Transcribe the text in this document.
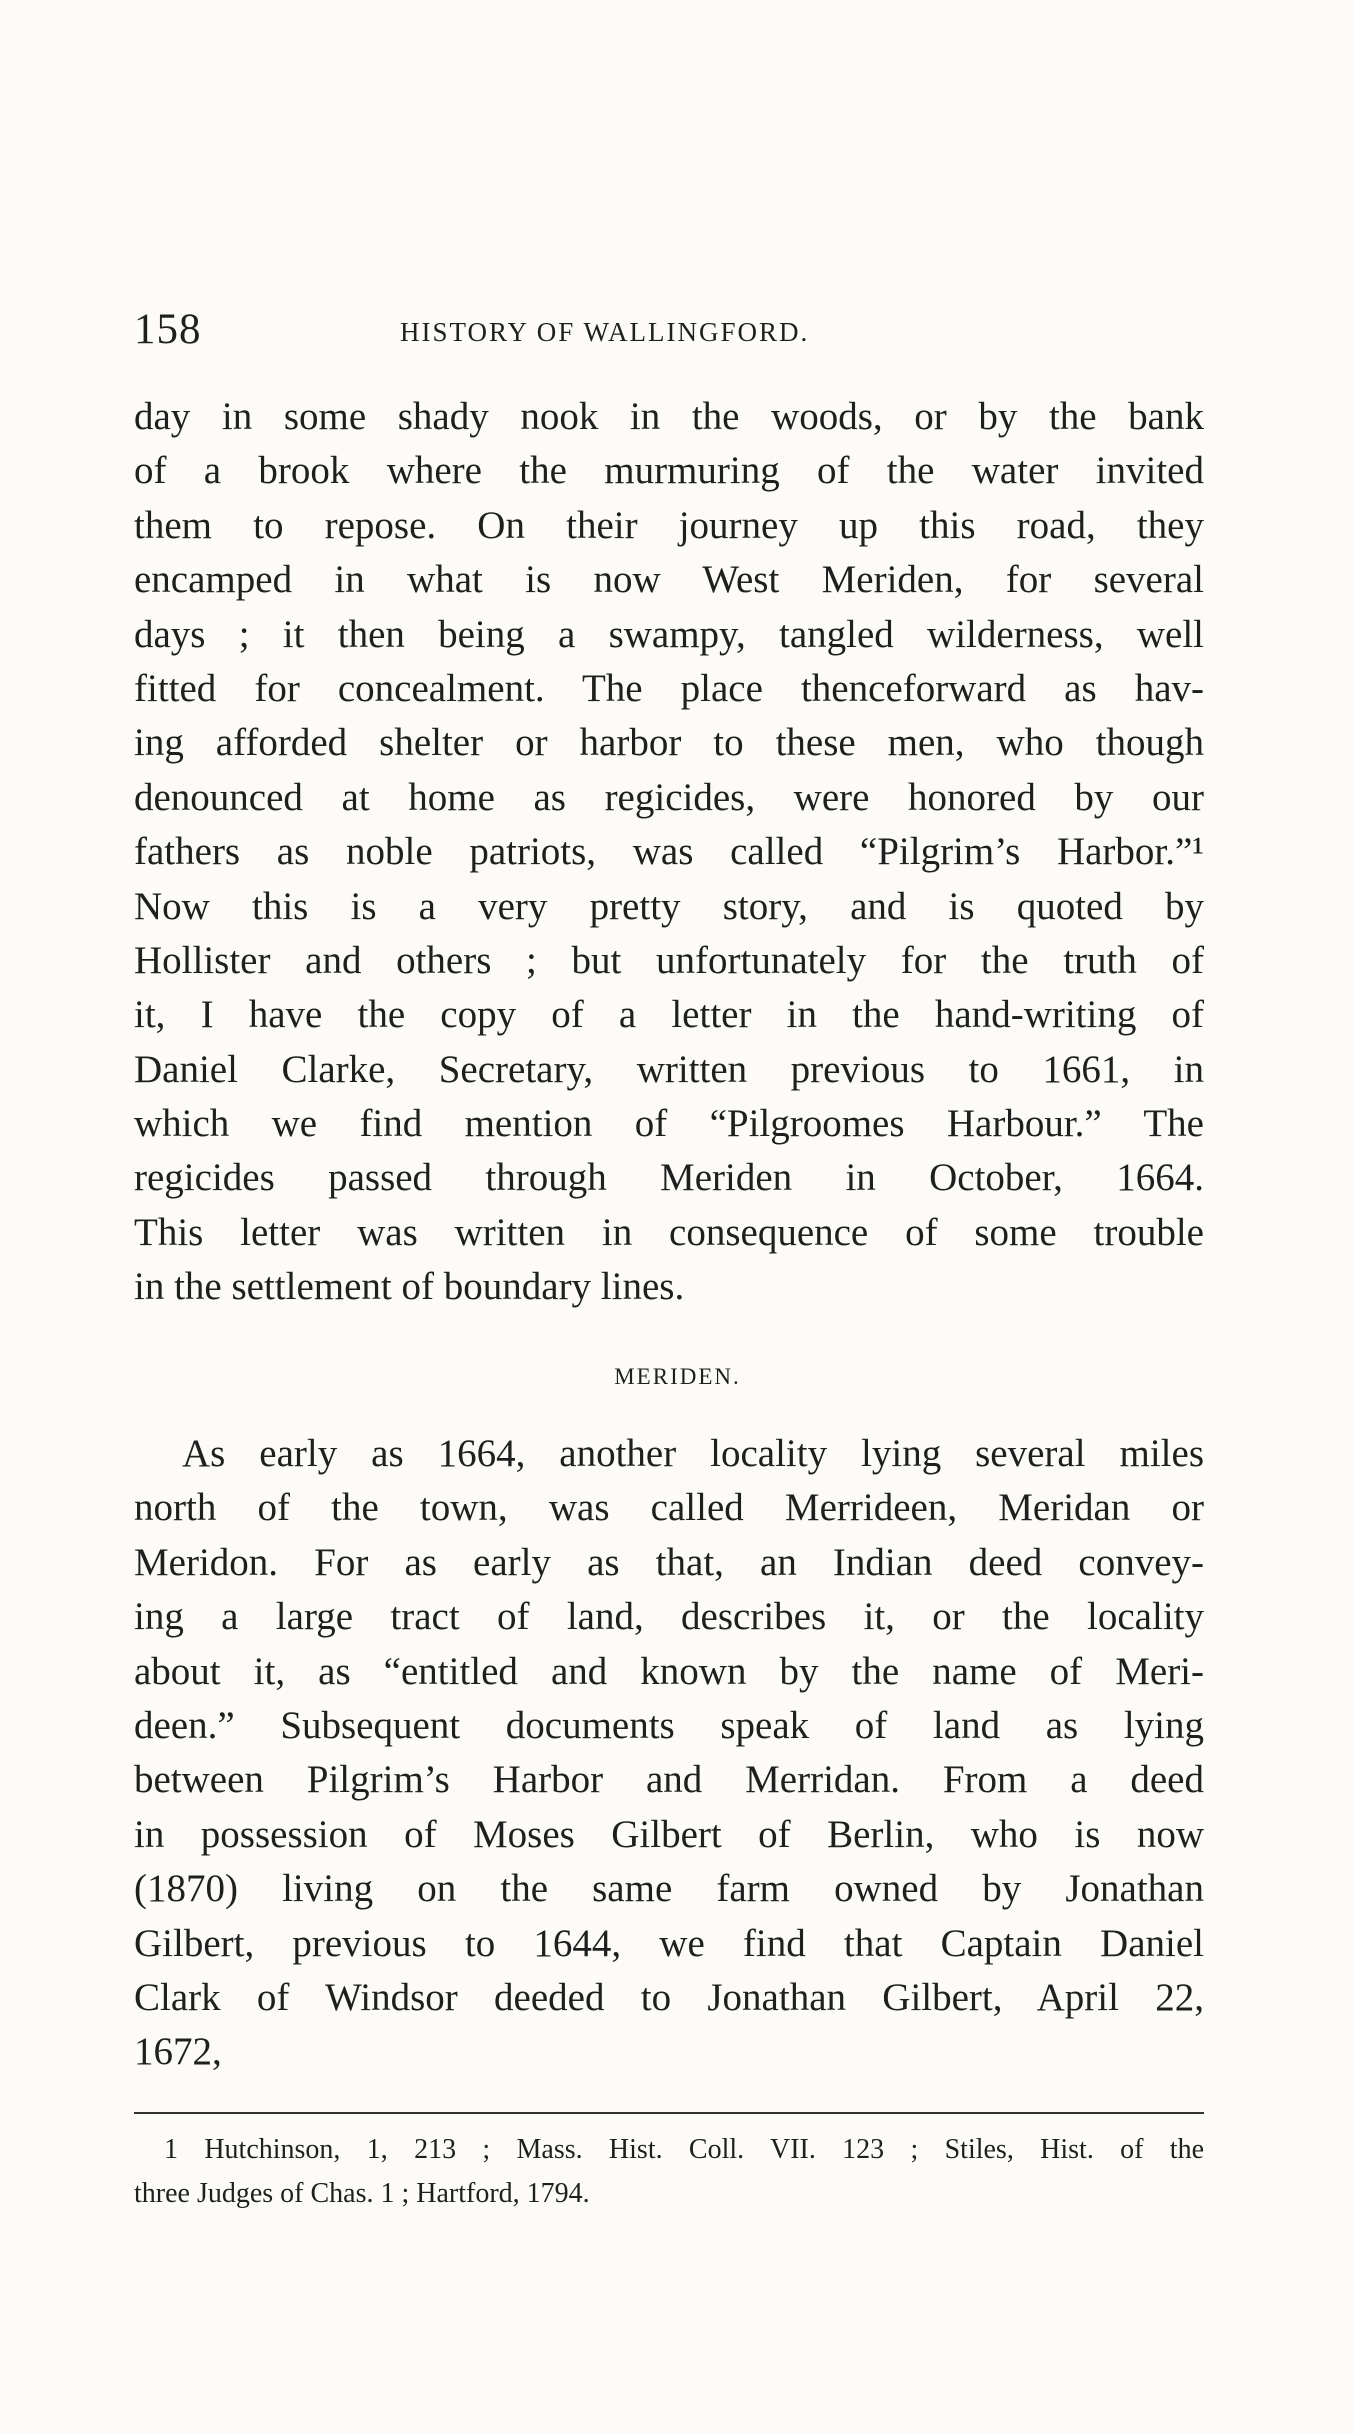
158	HISTORY OF WALLINGFORD.
day in some shady nook in the woods, or by the bank
of a brook where the murmuring of the water invited
them to repose. On their journey up this road, they
encamped in what is now West Meriden, for several
days ; it then being a swampy, tangled wilderness, well
fitted for concealment. The place thenceforward as hav-
ing afforded shelter or harbor to these men, who though
denounced at home as regicides, were honored by our
fathers as noble patriots, was called “Pilgrim’s Harbor.”¹
Now this is a very pretty story, and is quoted by
Hollister and others ; but unfortunately for the truth of
it, I have the copy of a letter in the hand-writing of
Daniel Clarke, Secretary, written previous to 1661, in
which we find mention of “Pilgroomes Harbour.” The
regicides passed through Meriden in October, 1664.
This letter was written in consequence of some trouble
in the settlement of boundary lines.
MERIDEN.
As early as 1664, another locality lying several miles
north of the town, was called Merrideen, Meridan or
Meridon. For as early as that, an Indian deed convey-
ing a large tract of land, describes it, or the locality
about it, as “entitled and known by the name of Meri-
deen.” Subsequent documents speak of land as lying
between Pilgrim’s Harbor and Merridan. From a deed
in possession of Moses Gilbert of Berlin, who is now
(1870) living on the same farm owned by Jonathan
Gilbert, previous to 1644, we find that Captain Daniel
Clark of Windsor deeded to Jonathan Gilbert, April 22,
1672,
1 Hutchinson, 1, 213 ; Mass. Hist. Coll. VII. 123 ; Stiles, Hist. of the
three Judges of Chas. 1 ; Hartford, 1794.
